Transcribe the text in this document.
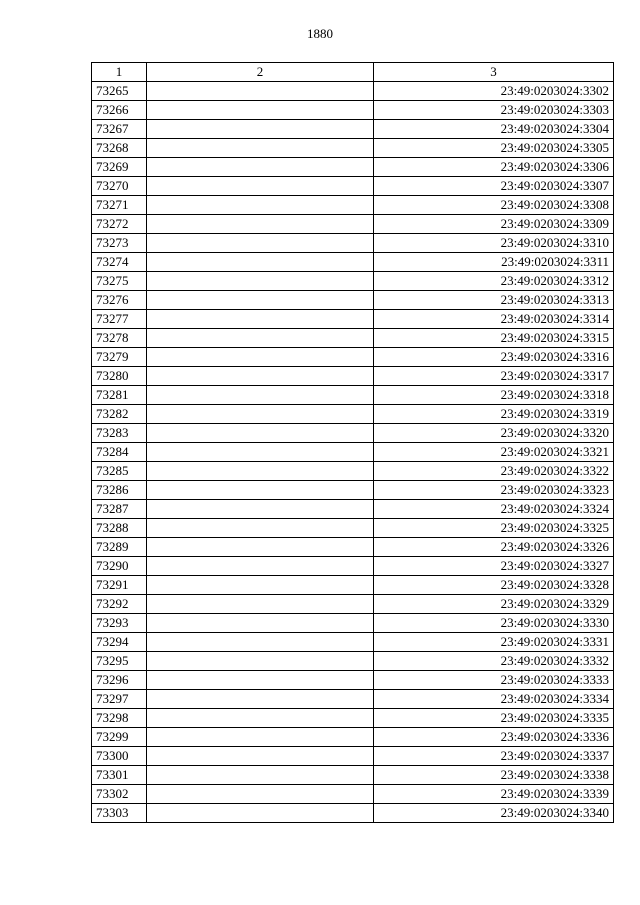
1880
1	2	3
73265		23:49:0203024:3302
73266		23:49:0203024:3303
73267		23:49:0203024:3304
73268		23:49:0203024:3305
73269		23:49:0203024:3306
73270		23:49:0203024:3307
73271		23:49:0203024:3308
73272		23:49:0203024:3309
73273		23:49:0203024:3310
73274		23:49:0203024:3311
73275		23:49:0203024:3312
73276		23:49:0203024:3313
73277		23:49:0203024:3314
73278		23:49:0203024:3315
73279		23:49:0203024:3316
73280		23:49:0203024:3317
73281		23:49:0203024:3318
73282		23:49:0203024:3319
73283		23:49:0203024:3320
73284		23:49:0203024:3321
73285		23:49:0203024:3322
73286		23:49:0203024:3323
73287		23:49:0203024:3324
73288		23:49:0203024:3325
73289		23:49:0203024:3326
73290		23:49:0203024:3327
73291		23:49:0203024:3328
73292		23:49:0203024:3329
73293		23:49:0203024:3330
73294		23:49:0203024:3331
73295		23:49:0203024:3332
73296		23:49:0203024:3333
73297		23:49:0203024:3334
73298		23:49:0203024:3335
73299		23:49:0203024:3336
73300		23:49:0203024:3337
73301		23:49:0203024:3338
73302		23:49:0203024:3339
73303		23:49:0203024:3340
